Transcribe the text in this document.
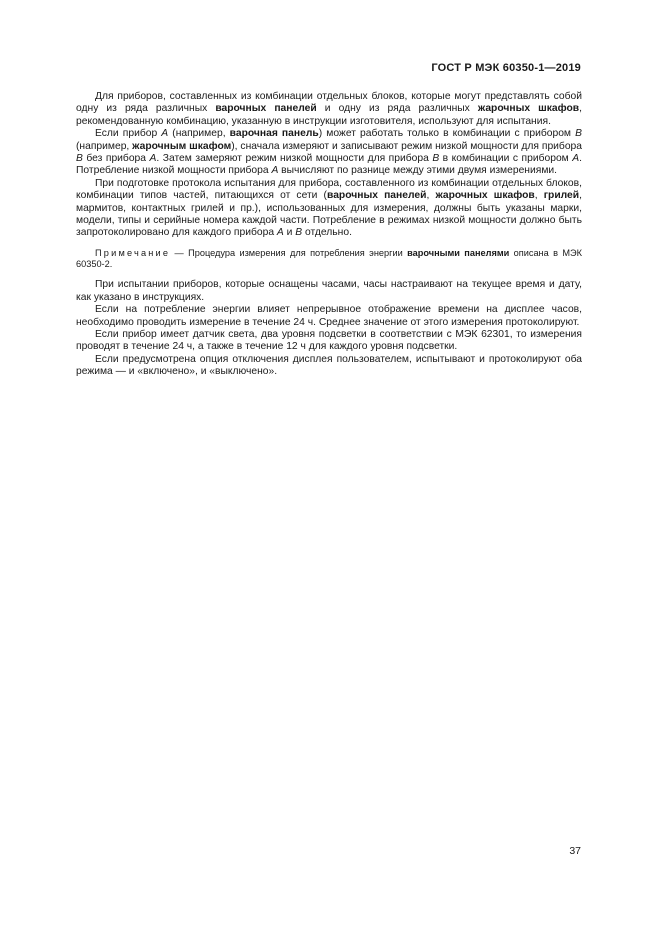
ГОСТ Р МЭК 60350-1—2019

Для приборов, составленных из комбинации отдельных блоков, которые могут представлять собой одну из ряда различных варочных панелей и одну из ряда различных жарочных шкафов, рекомендованную комбинацию, указанную в инструкции изготовителя, используют для испытания.

Если прибор А (например, варочная панель) может работать только в комбинации с прибором В (например, жарочным шкафом), сначала измеряют и записывают режим низкой мощности для прибора В без прибора А. Затем замеряют режим низкой мощности для прибора В в комбинации с прибором А. Потребление низкой мощности прибора А вычисляют по разнице между этими двумя измерениями.

При подготовке протокола испытания для прибора, составленного из комбинации отдельных блоков, комбинации типов частей, питающихся от сети (варочных панелей, жарочных шкафов, грилей, мармитов, контактных грилей и пр.), использованных для измерения, должны быть указаны марки, модели, типы и серийные номера каждой части. Потребление в режимах низкой мощности должно быть запротоколировано для каждого прибора А и В отдельно.

Примечание — Процедура измерения для потребления энергии варочными панелями описана в МЭК 60350-2.

При испытании приборов, которые оснащены часами, часы настраивают на текущее время и дату, как указано в инструкциях.

Если на потребление энергии влияет непрерывное отображение времени на дисплее часов, необходимо проводить измерение в течение 24 ч. Среднее значение от этого измерения протоколируют.

Если прибор имеет датчик света, два уровня подсветки в соответствии с МЭК 62301, то измерения проводят в течение 24 ч, а также в течение 12 ч для каждого уровня подсветки.

Если предусмотрена опция отключения дисплея пользователем, испытывают и протоколируют оба режима — и «включено», и «выключено».

37
